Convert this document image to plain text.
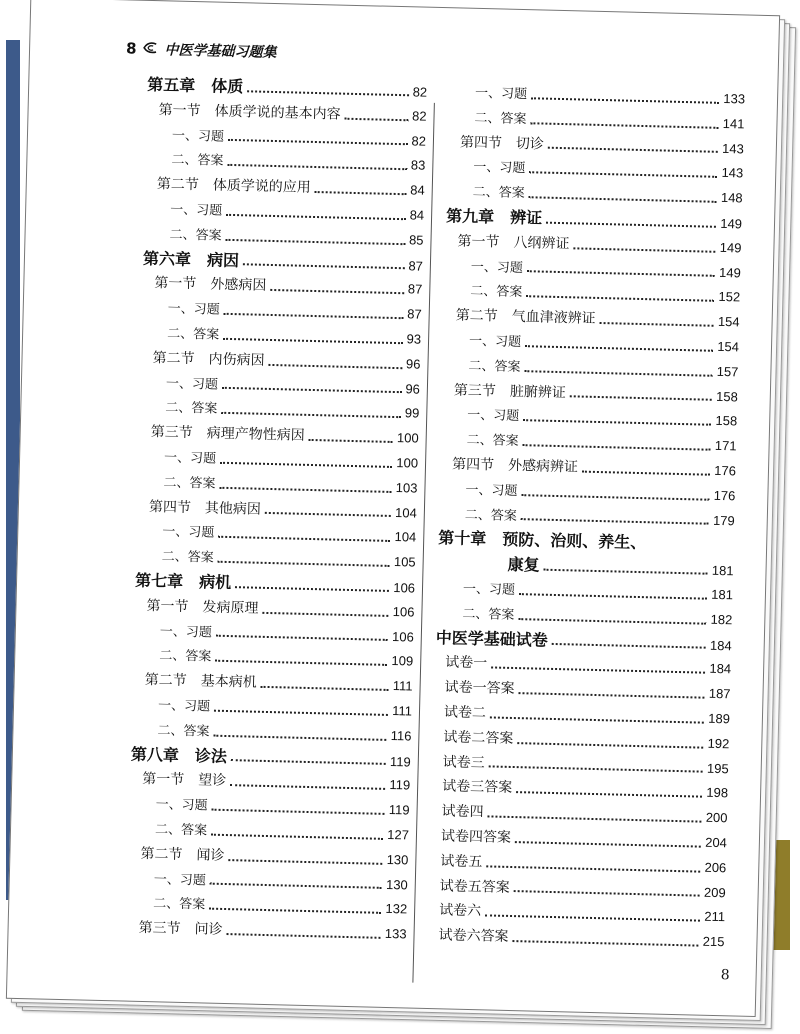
8 中医学基础习题集
第五章　体质	82
第一节　体质学说的基本内容	82
一、习题	82
二、答案	83
第二节　体质学说的应用	84
一、习题	84
二、答案	85
第六章　病因	87
第一节　外感病因	87
一、习题	87
二、答案	93
第二节　内伤病因	96
一、习题	96
二、答案	99
第三节　病理产物性病因	100
一、习题	100
二、答案	103
第四节　其他病因	104
一、习题	104
二、答案	105
第七章　病机	106
第一节　发病原理	106
一、习题	106
二、答案	109
第二节　基本病机	111
一、习题	111
二、答案	116
第八章　诊法	119
第一节　望诊	119
一、习题	119
二、答案	127
第二节　闻诊	130
一、习题	130
二、答案	132
第三节　问诊	133
一、习题	133
二、答案	141
第四节　切诊	143
一、习题	143
二、答案	148
第九章　辨证	149
第一节　八纲辨证	149
一、习题	149
二、答案	152
第二节　气血津液辨证	154
一、习题	154
二、答案	157
第三节　脏腑辨证	158
一、习题	158
二、答案	171
第四节　外感病辨证	176
一、习题	176
二、答案	179
第十章　预防、治则、养生、
康复	181
一、习题	181
二、答案	182
中医学基础试卷	184
试卷一	184
试卷一答案	187
试卷二	189
试卷二答案	192
试卷三	195
试卷三答案	198
试卷四	200
试卷四答案	204
试卷五	206
试卷五答案	209
试卷六	211
试卷六答案	215
8
